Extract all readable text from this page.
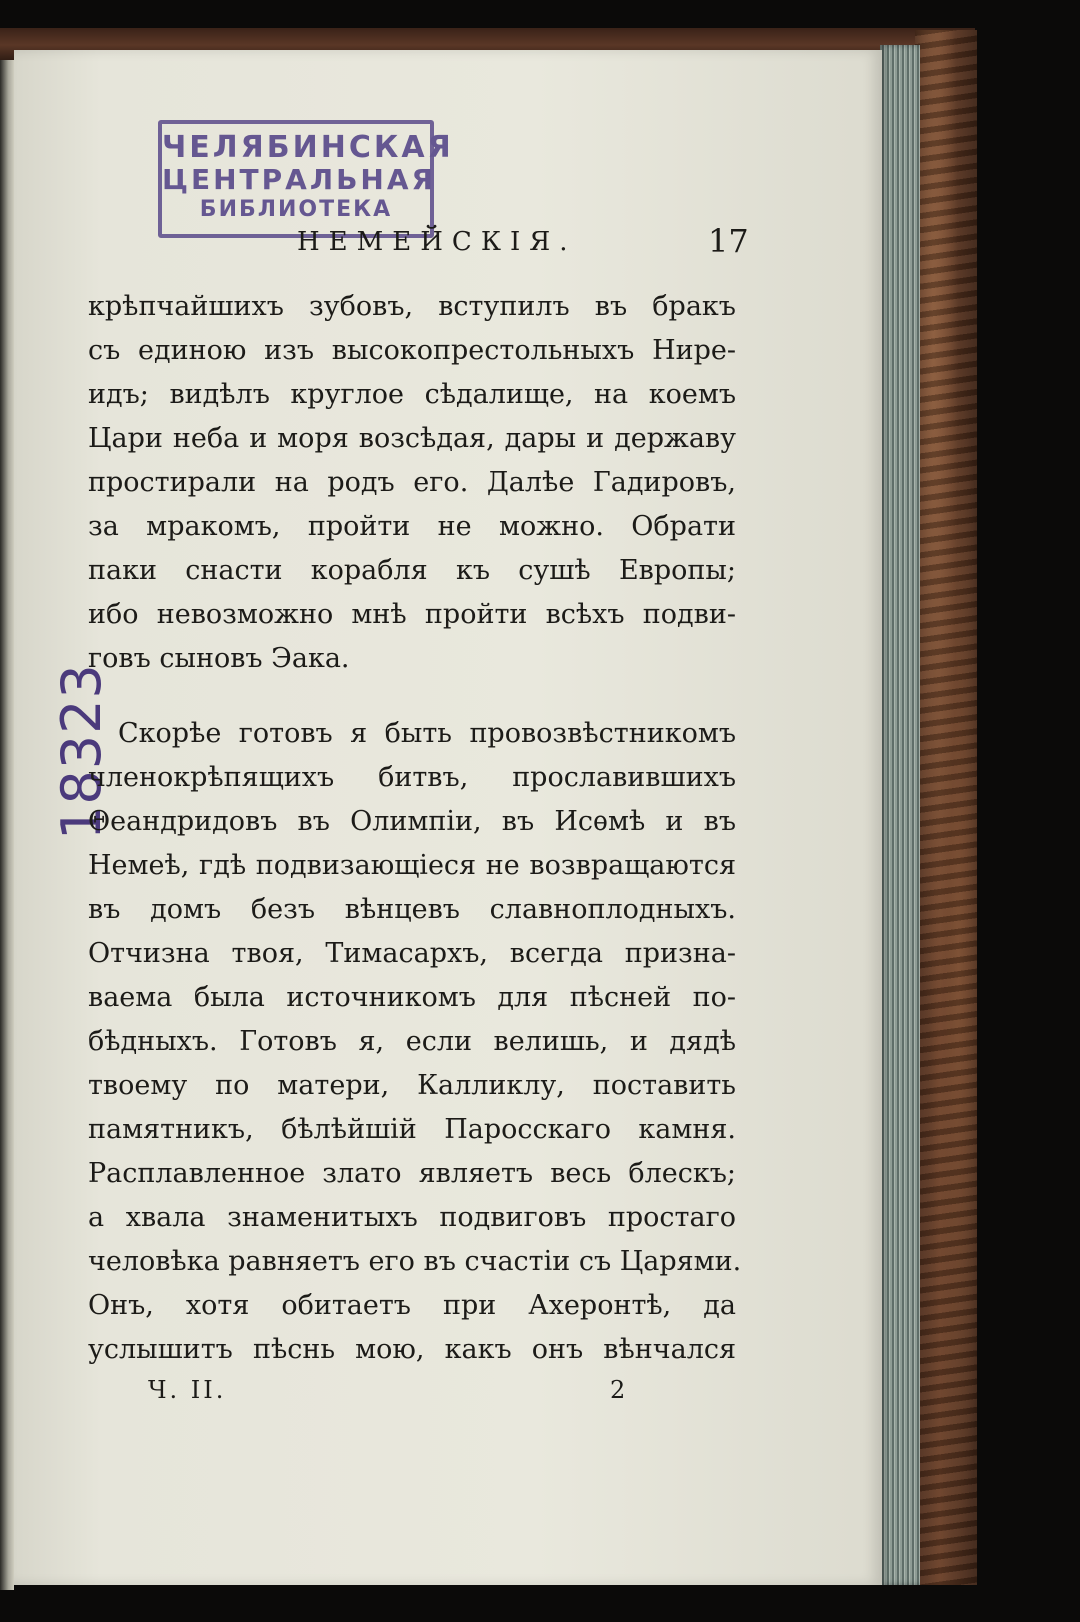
ЧЕЛЯБИНСКАЯ
ЦЕНТРАЛЬНАЯ
БИБЛИОТЕКА
НЕМЕЙСКІЯ.	17
18323
крѣпчайшихъ зубовъ, вступилъ въ бракъ
съ единою изъ высокопрестольныхъ Нире-
идъ; видѣлъ круглое сѣдалище, на коемъ
Цари неба и моря возсѣдая, дары и державу
простирали на родъ его. Далѣе Гадировъ,
за мракомъ, пройти не можно. Обрати
паки снасти корабля къ сушѣ Европы;
ибо невозможно мнѣ пройти всѣхъ подви-
говъ сыновъ Эака.
Скорѣе готовъ я быть провозвѣстникомъ
членокрѣпящихъ битвъ, прославившихъ
Θеандридовъ въ Олимпіи, въ Исѳмѣ и въ
Немеѣ, гдѣ подвизающіеся не возвращаются
въ домъ безъ вѣнцевъ славноплодныхъ.
Отчизна твоя, Тимасархъ, всегда призна-
ваема была источникомъ для пѣсней по-
бѣдныхъ. Готовъ я, если велишь, и дядѣ
твоему по матери, Калликлу, поставить
памятникъ, бѣлѣйшій Паросскаго камня.
Расплавленное злато являетъ весь блескъ;
а хвала знаменитыхъ подвиговъ простаго
человѣка равняетъ его въ счастіи съ Царями.
Онъ, хотя обитаетъ при Ахеронтѣ, да
услышитъ пѣснь мою, какъ онъ вѣнчался
Ч. II.	2
